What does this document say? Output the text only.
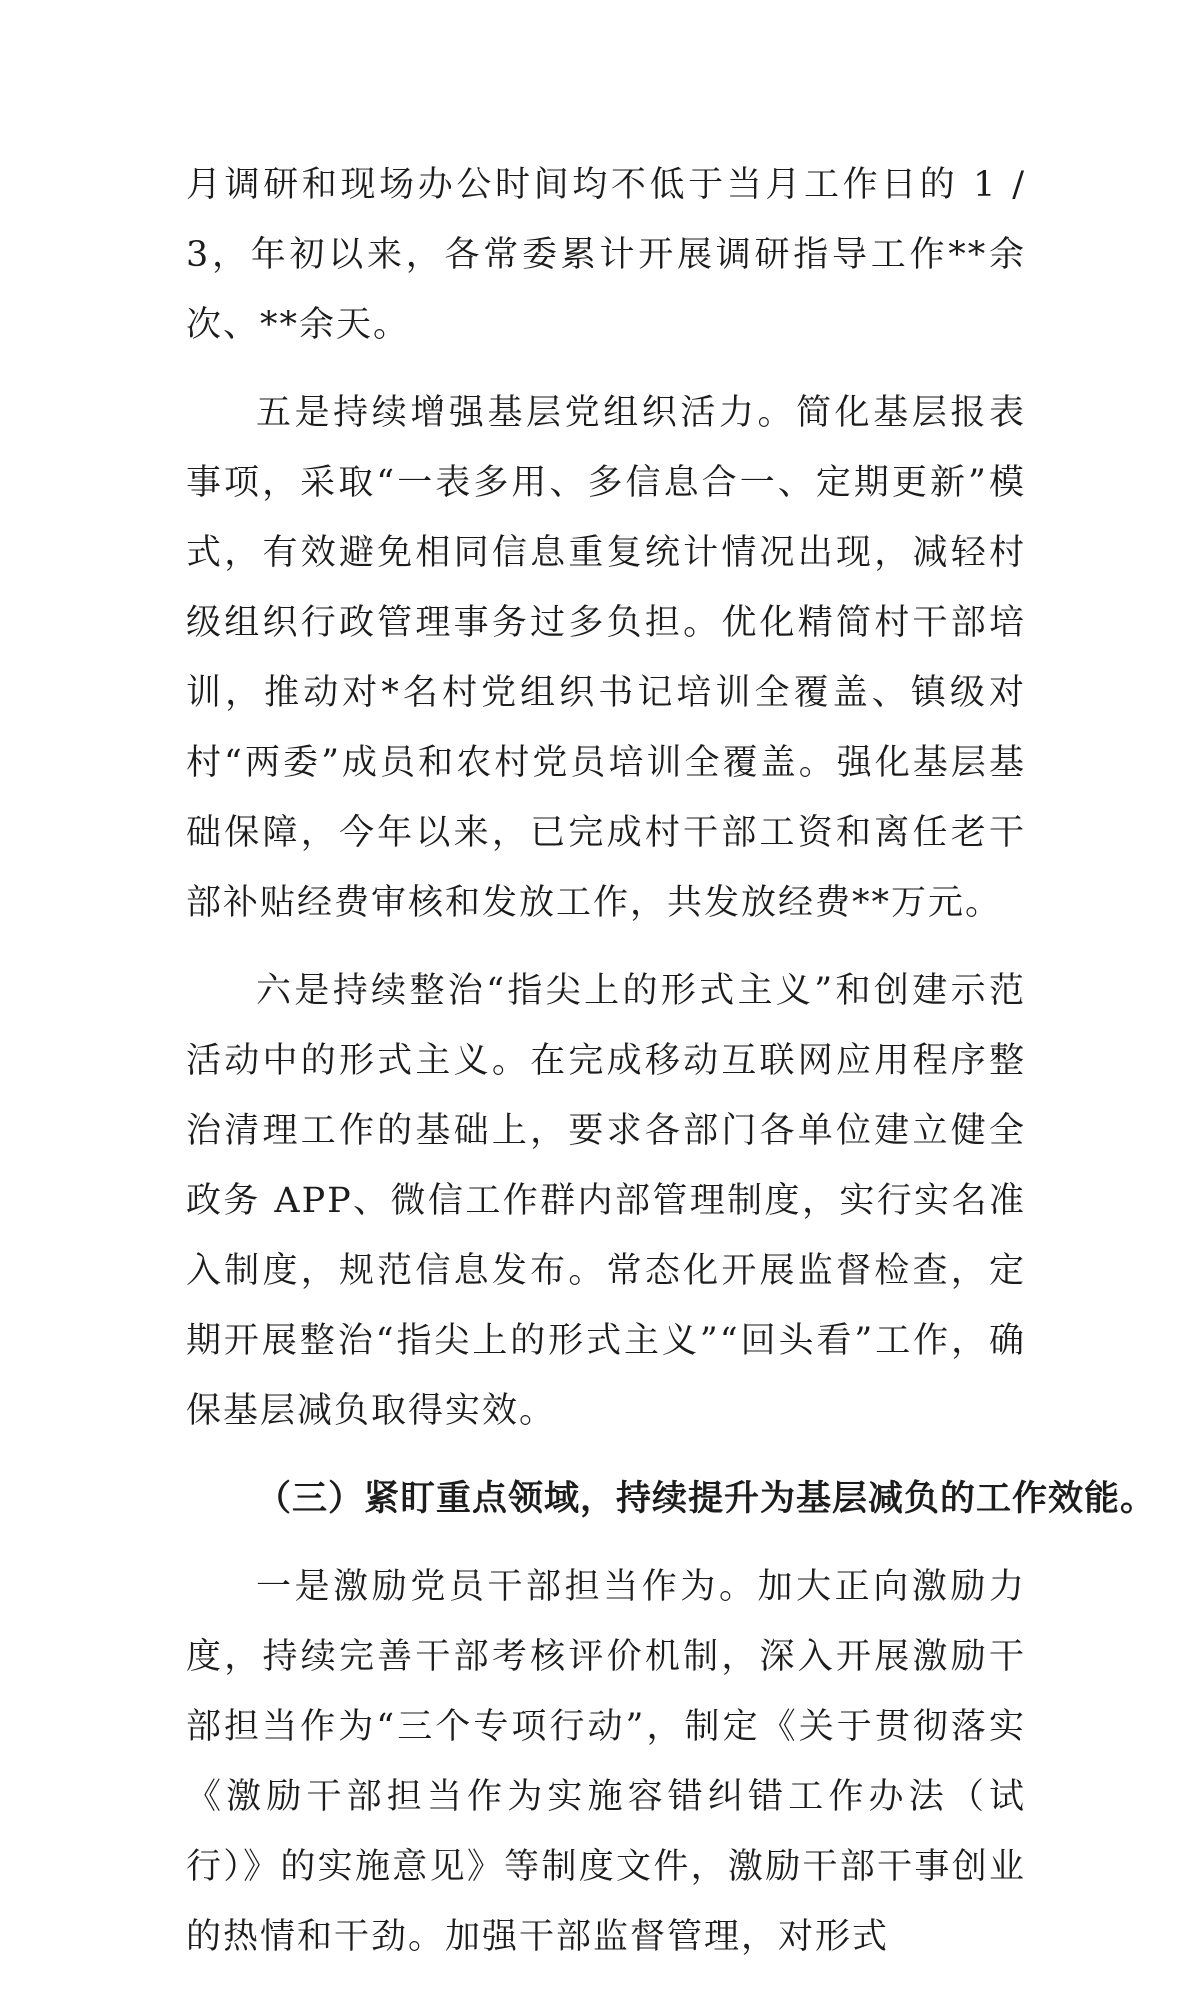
月调研和现场办公时间均不低于当月工作日的 1 / 3，年初以来，各常委累计开展调研指导工作**余次、**余天。

五是持续增强基层党组织活力。简化基层报表事项，采取“一表多用、多信息合一、定期更新”模式，有效避免相同信息重复统计情况出现，减轻村级组织行政管理事务过多负担。优化精简村干部培训，推动对*名村党组织书记培训全覆盖、镇级对村“两委”成员和农村党员培训全覆盖。强化基层基础保障，今年以来，已完成村干部工资和离任老干部补贴经费审核和发放工作，共发放经费**万元。

六是持续整治“指尖上的形式主义”和创建示范活动中的形式主义。在完成移动互联网应用程序整治清理工作的基础上，要求各部门各单位建立健全政务 APP、微信工作群内部管理制度，实行实名准入制度，规范信息发布。常态化开展监督检查，定期开展整治“指尖上的形式主义”“回头看”工作，确保基层减负取得实效。

（三）紧盯重点领域，持续提升为基层减负的工作效能。

一是激励党员干部担当作为。加大正向激励力度，持续完善干部考核评价机制，深入开展激励干部担当作为“三个专项行动”，制定《关于贯彻落实《激励干部担当作为实施容错纠错工作办法（试行）》的实施意见》等制度文件，激励干部干事创业的热情和干劲。加强干部监督管理，对形式
